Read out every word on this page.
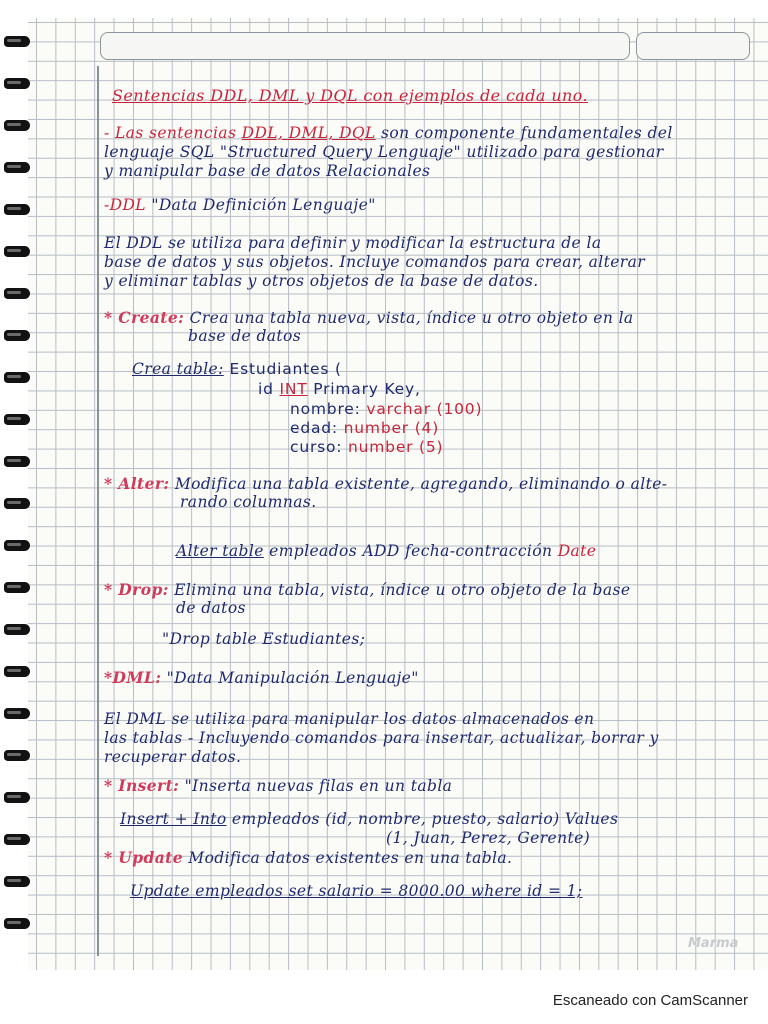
Sentencias DDL, DML y DQL con ejemplos de cada uno.
- Las sentencias DDL, DML, DQL son componente fundamentales del
lenguaje SQL "Structured Query Lenguaje" utilizado para gestionar
y manipular base de datos Relacionales
-DDL "Data Definición Lenguaje"
El DDL se utiliza para definir y modificar la estructura de la
base de datos y sus objetos. Incluye comandos para crear, alterar
y eliminar tablas y otros objetos de la base de datos.
* Create: Crea una tabla nueva, vista, índice u otro objeto en la
base de datos
Crea table: Estudiantes (
id INT Primary Key,
nombre: varchar (100)
edad: number (4)
curso: number (5)
* Alter: Modifica una tabla existente, agregando, eliminando o alte-
rando columnas.
Alter table empleados ADD fecha-contracción Date
* Drop: Elimina una tabla, vista, índice u otro objeto de la base
de datos
"Drop table Estudiantes;
*DML: "Data Manipulación Lenguaje"
El DML se utiliza para manipular los datos almacenados en
las tablas - Incluyendo comandos para insertar, actualizar, borrar y
recuperar datos.
* Insert: "Inserta nuevas filas en un tabla
Insert + Into empleados (id, nombre, puesto, salario) Values
(1, Juan, Perez, Gerente)
* Update Modifica datos existentes en una tabla.
Update empleados set salario = 8000.00 where id = 1;
Marma
Escaneado con CamScanner
